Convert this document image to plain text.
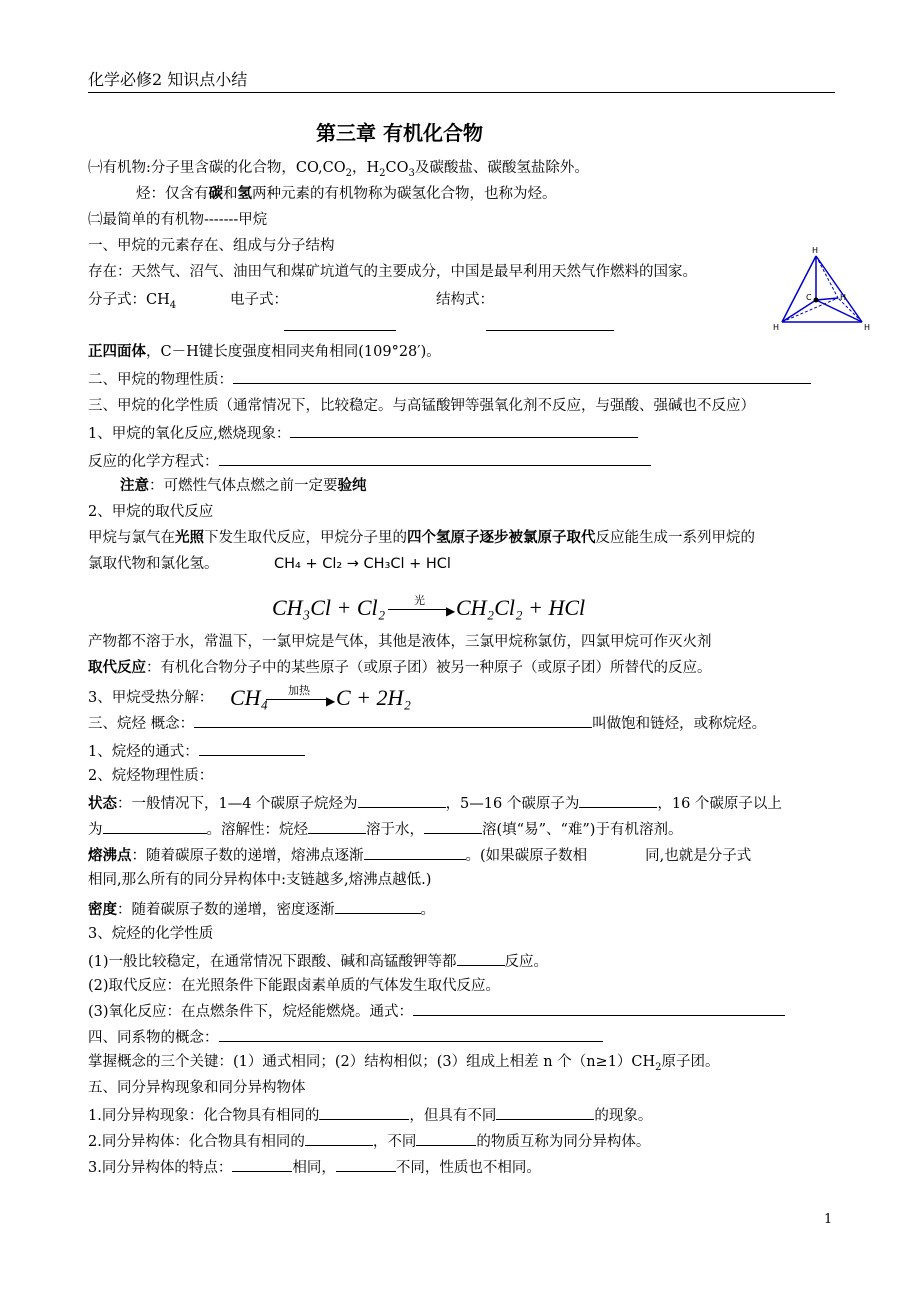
化学必修2 知识点小结
第三章 有机化合物
㈠有机物:分子里含碳的化合物，$CO,CO_2$，$H_2CO_3$及碳酸盐、碳酸氢盐除外。
烃：仅含有碳和氢两种元素的有机物称为碳氢化合物，也称为烃。
㈡最简单的有机物-------甲烷
一、甲烷的元素存在、组成与分子结构
存在：天然气、沼气、油田气和煤矿坑道气的主要成分，中国是最早利用天然气作燃料的国家。
分子式：$CH_4$	电子式：	结构式：
H
C	H
H	H
正四面体，C－H键长度强度相同夹角相同(109°28′)。
二、甲烷的物理性质：
三、甲烷的化学性质（通常情况下，比较稳定。与高锰酸钾等强氧化剂不反应，与强酸、强碱也不反应）
1、甲烷的氧化反应,燃烧现象：
反应的化学方程式：
注意：可燃性气体点燃之前一定要验纯
2、甲烷的取代反应
甲烷与氯气在光照下发生取代反应，甲烷分子里的四个氢原子逐步被氯原子取代反应能生成一系列甲烷的
氯取代物和氯化氢。	CH₄ + Cl₂ → CH₃Cl + HCl
CH₃Cl + Cl₂	光
▶ CH₂Cl₂ + HCl
产物都不溶于水，常温下，一氯甲烷是气体，其他是液体，三氯甲烷称氯仿，四氯甲烷可作灭火剂
取代反应：有机化合物分子中的某些原子（或原子团）被另一种原子（或原子团）所替代的反应。
3、甲烷受热分解： CH₄ 加热
▶ C + 2H₂
三、烷烃 概念：	叫做饱和链烃，或称烷烃。
1、烷烃的通式：
2、烷烃物理性质：
状态：一般情况下，1—4 个碳原子烷烃为	，5—16 个碳原子为	，16 个碳原子以上
为	。溶解性：烷烃	溶于水，	溶(填“易”、“难”)于有机溶剂。
熔沸点：随着碳原子数的递增，熔沸点逐渐	。(如果碳原子数相	同,也就是分子式
相同,那么所有的同分异构体中:支链越多,熔沸点越低.)
密度：随着碳原子数的递增，密度逐渐	。
3、烷烃的化学性质
(1)一般比较稳定，在通常情况下跟酸、碱和高锰酸钾等都	反应。
(2)取代反应：在光照条件下能跟卤素单质的气体发生取代反应。
(3)氧化反应：在点燃条件下，烷烃能燃烧。通式：
四、同系物的概念：
掌握概念的三个关键：(1）通式相同；(2）结构相似；(3）组成上相差 n 个$(n\ge 1)CH_2$原子团。
五、同分异构现象和同分异构物体
1.同分异构现象：化合物具有相同的	，但具有不同	的现象。
2.同分异构体：化合物具有相同的	，不同	的物质互称为同分异构体。
3.同分异构体的特点：	相同，	不同，性质也不相同。
1
